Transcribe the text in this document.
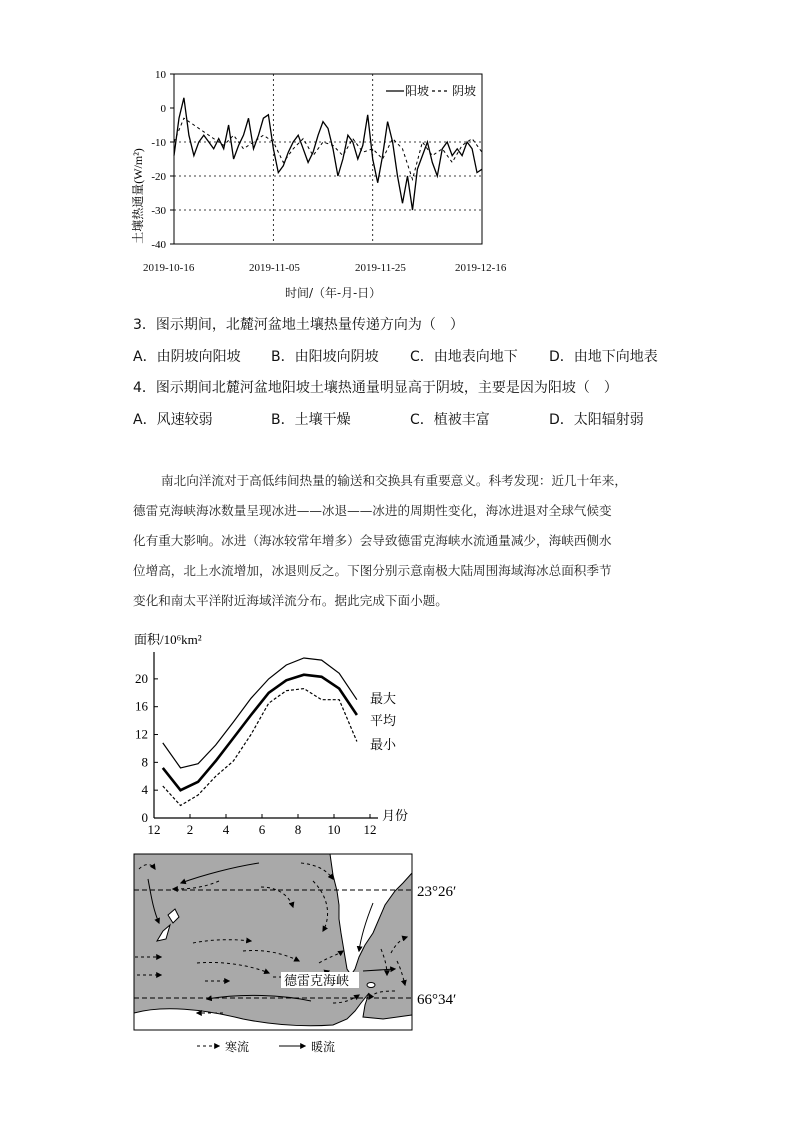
10
0
-10
-20
-30
-40
土壤热通量(W/m²)
阳坡 阴坡
2019-10-16	2019-11-05	2019-11-25	2019-12-16
时间/（年-月-日）
3．图示期间，北麓河盆地土壤热量传递方向为（　）
A．由阴坡向阳坡 B．由阳坡向阴坡 C．由地表向地下 D．由地下向地表
4．图示期间北麓河盆地阳坡土壤热通量明显高于阴坡，主要是因为阳坡（　）
A．风速较弱	B．土壤干燥	C．植被丰富	D．太阳辐射弱
南北向洋流对于高低纬间热量的输送和交换具有重要意义。科考发现：近几十年来，
德雷克海峡海冰数量呈现冰进——冰退——冰进的周期性变化，海冰进退对全球气候变
化有重大影响。冰进（海冰较常年增多）会导致德雷克海峡水流通量减少，海峡西侧水
位增高，北上水流增加，冰退则反之。下图分别示意南极大陆周围海域海冰总面积季节
变化和南太平洋附近海域洋流分布。据此完成下面小题。
面积/10⁶km²
0
4
8
12
16
20
12 2 4 6 8 10 12
月份
最大
平均
最小
德雷克海峡
23°26′
66°34′
寒流	暖流
